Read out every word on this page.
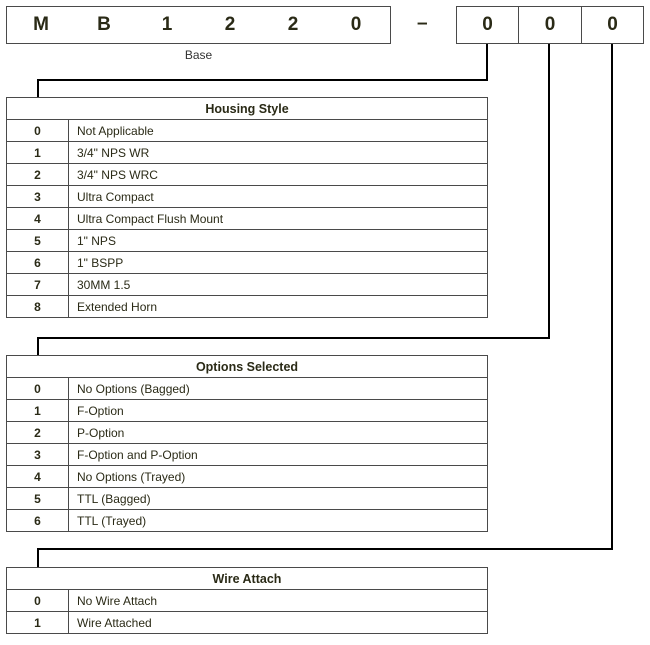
M	B	1	2	2	0
Base
–	0	0	0
Housing Style	
0	Not Applicable
1	3/4" NPS WR
2	3/4" NPS WRC
3	Ultra Compact
4	Ultra Compact Flush Mount
5	1" NPS
6	1" BSPP
7	30MM 1.5
8	Extended Horn
Options Selected	
0	No Options (Bagged)
1	F-Option
2	P-Option
3	F-Option and P-Option
4	No Options (Trayed)
5	TTL (Bagged)
6	TTL (Trayed)
Wire Attach	
0	No Wire Attach
1	Wire Attached
